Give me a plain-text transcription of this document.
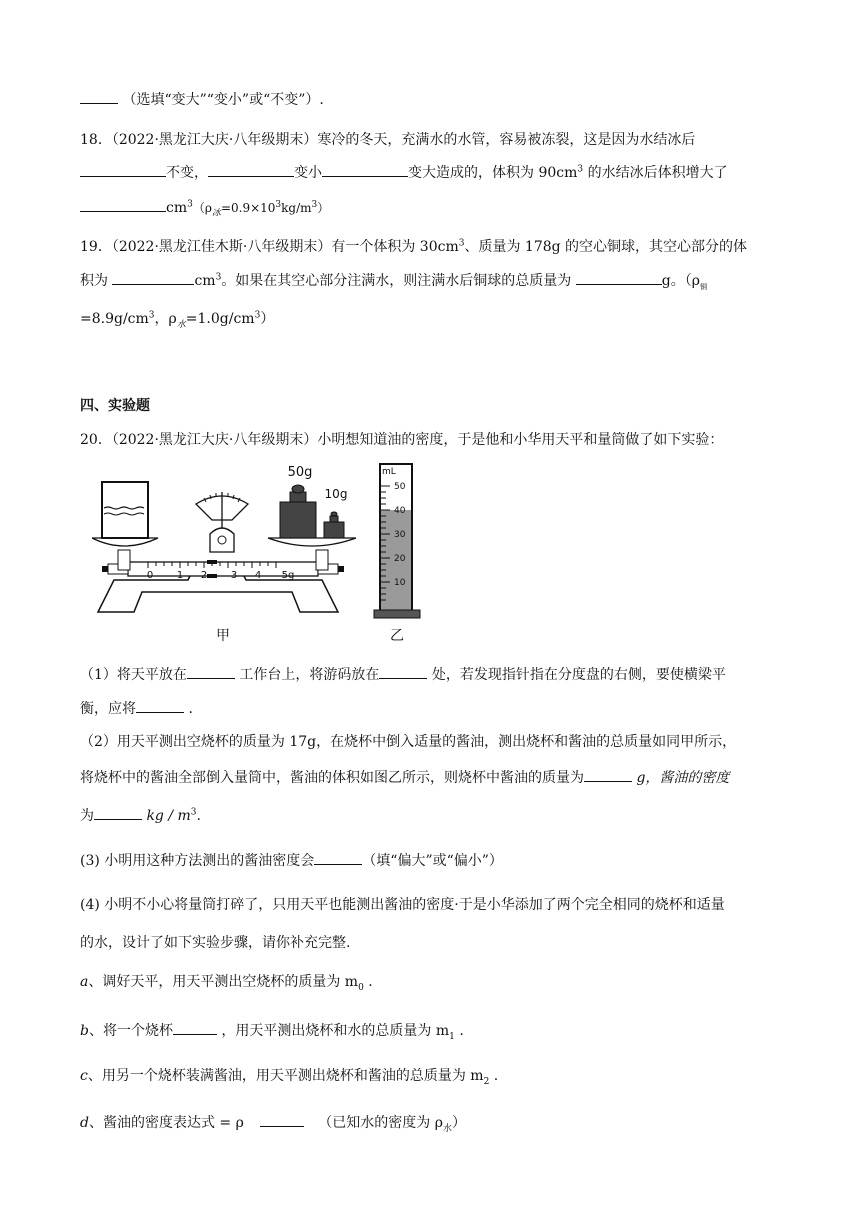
（选填“变大”“变小”或“不变”）.
18．（2022·黑龙江大庆·八年级期末）寒冷的冬天，充满水的水管，容易被冻裂，这是因为水结冰后
不变，	变小	变大造成的，体积为 $90cm^3$ 的水结冰后体积增大了
$cm^3(\rho_冰=0.9\times 10^3kg/m^3)$
19．（2022·黑龙江佳木斯·八年级期末）有一个体积为 $30cm^3$、质量为 178g 的空心铜球，其空心部分的体
积为	$cm^3$。如果在其空心部分注满水，则注满水后铜球的总质量为	g。（$\rho_铜$
$=8.9g/cm^3$，$\rho_水=1.0g/cm^3$）
四、实验题
20．（2022·黑龙江大庆·八年级期末）小明想知道油的密度，于是他和小华用天平和量筒做了如下实验：
0 1 2 3 4 5g
50g
10g
甲
mL
50
40
30
20
10
乙
（1）将天平放在	工作台上，将游码放在	处，若发现指针指在分度盘的右侧，要使横梁平
衡，应将	.
（2）用天平测出空烧杯的质量为 17g，在烧杯中倒入适量的酱油，测出烧杯和酱油的总质量如同甲所示，
将烧杯中的酱油全部倒入量筒中，酱油的体积如图乙所示，则烧杯中酱油的质量为	g，酱油的密度
为	kg / $m^3$.
(3) 小明用这种方法测出的酱油密度会	（填“偏大”或“偏小”）
(4) 小明不小心将量筒打碎了，只用天平也能测出酱油的密度·于是小华添加了两个完全相同的烧杯和适量
的水，设计了如下实验步骤，请你补充完整.
a、调好天平，用天平测出空烧杯的质量为 $m_0$ .
b、将一个烧杯	，用天平测出烧杯和水的总质量为 $m_1$ .
c、用另一个烧杯装满酱油，用天平测出烧杯和酱油的总质量为 $m_2$ .
d、酱油的密度表达式 = ρ	（已知水的密度为 $\rho_水$）
